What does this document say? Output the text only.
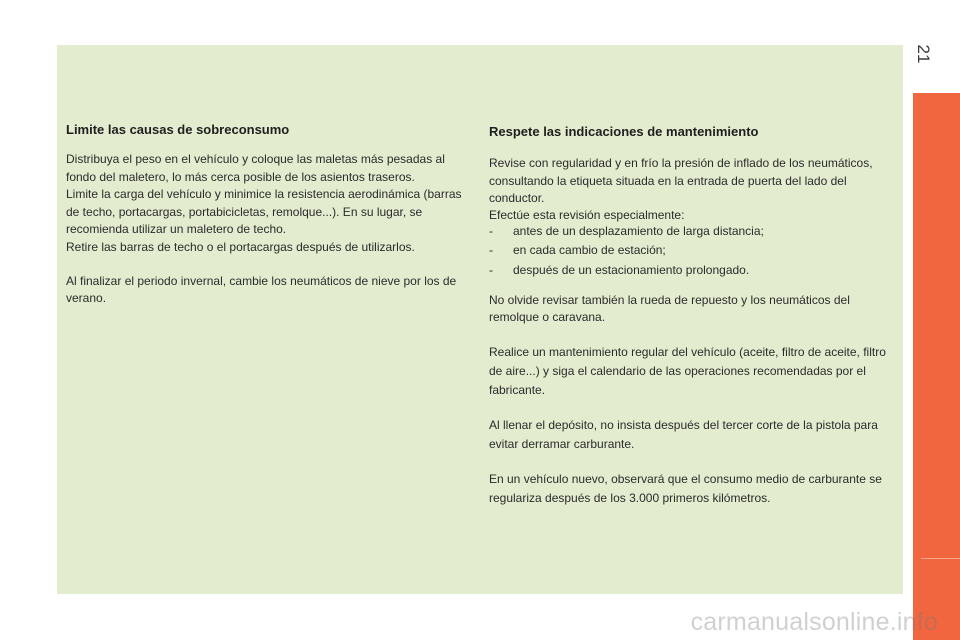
21
Limite las causas de sobreconsumo

Distribuya el peso en el vehículo y coloque las maletas más pesadas al fondo del maletero, lo más cerca posible de los asientos traseros.

Limite la carga del vehículo y minimice la resistencia aerodinámica (barras de techo, portacargas, portabicicletas, remolque...). En su lugar, se recomienda utilizar un maletero de techo.

Retire las barras de techo o el portacargas después de utilizarlos.

Al finalizar el periodo invernal, cambie los neumáticos de nieve por los de verano.

Respete las indicaciones de mantenimiento

Revise con regularidad y en frío la presión de inflado de los neumáticos, consultando la etiqueta situada en la entrada de puerta del lado del conductor.

Efectúe esta revisión especialmente:

- antes de un desplazamiento de larga distancia;
- en cada cambio de estación;
- después de un estacionamiento prolongado.

No olvide revisar también la rueda de repuesto y los neumáticos del remolque o caravana.

Realice un mantenimiento regular del vehículo (aceite, filtro de aceite, filtro de aire...) y siga el calendario de las operaciones recomendadas por el fabricante.

Al llenar el depósito, no insista después del tercer corte de la pistola para evitar derramar carburante.

En un vehículo nuevo, observará que el consumo medio de carburante se regulariza después de los 3.000 primeros kilómetros.

carmanualsonline.info
